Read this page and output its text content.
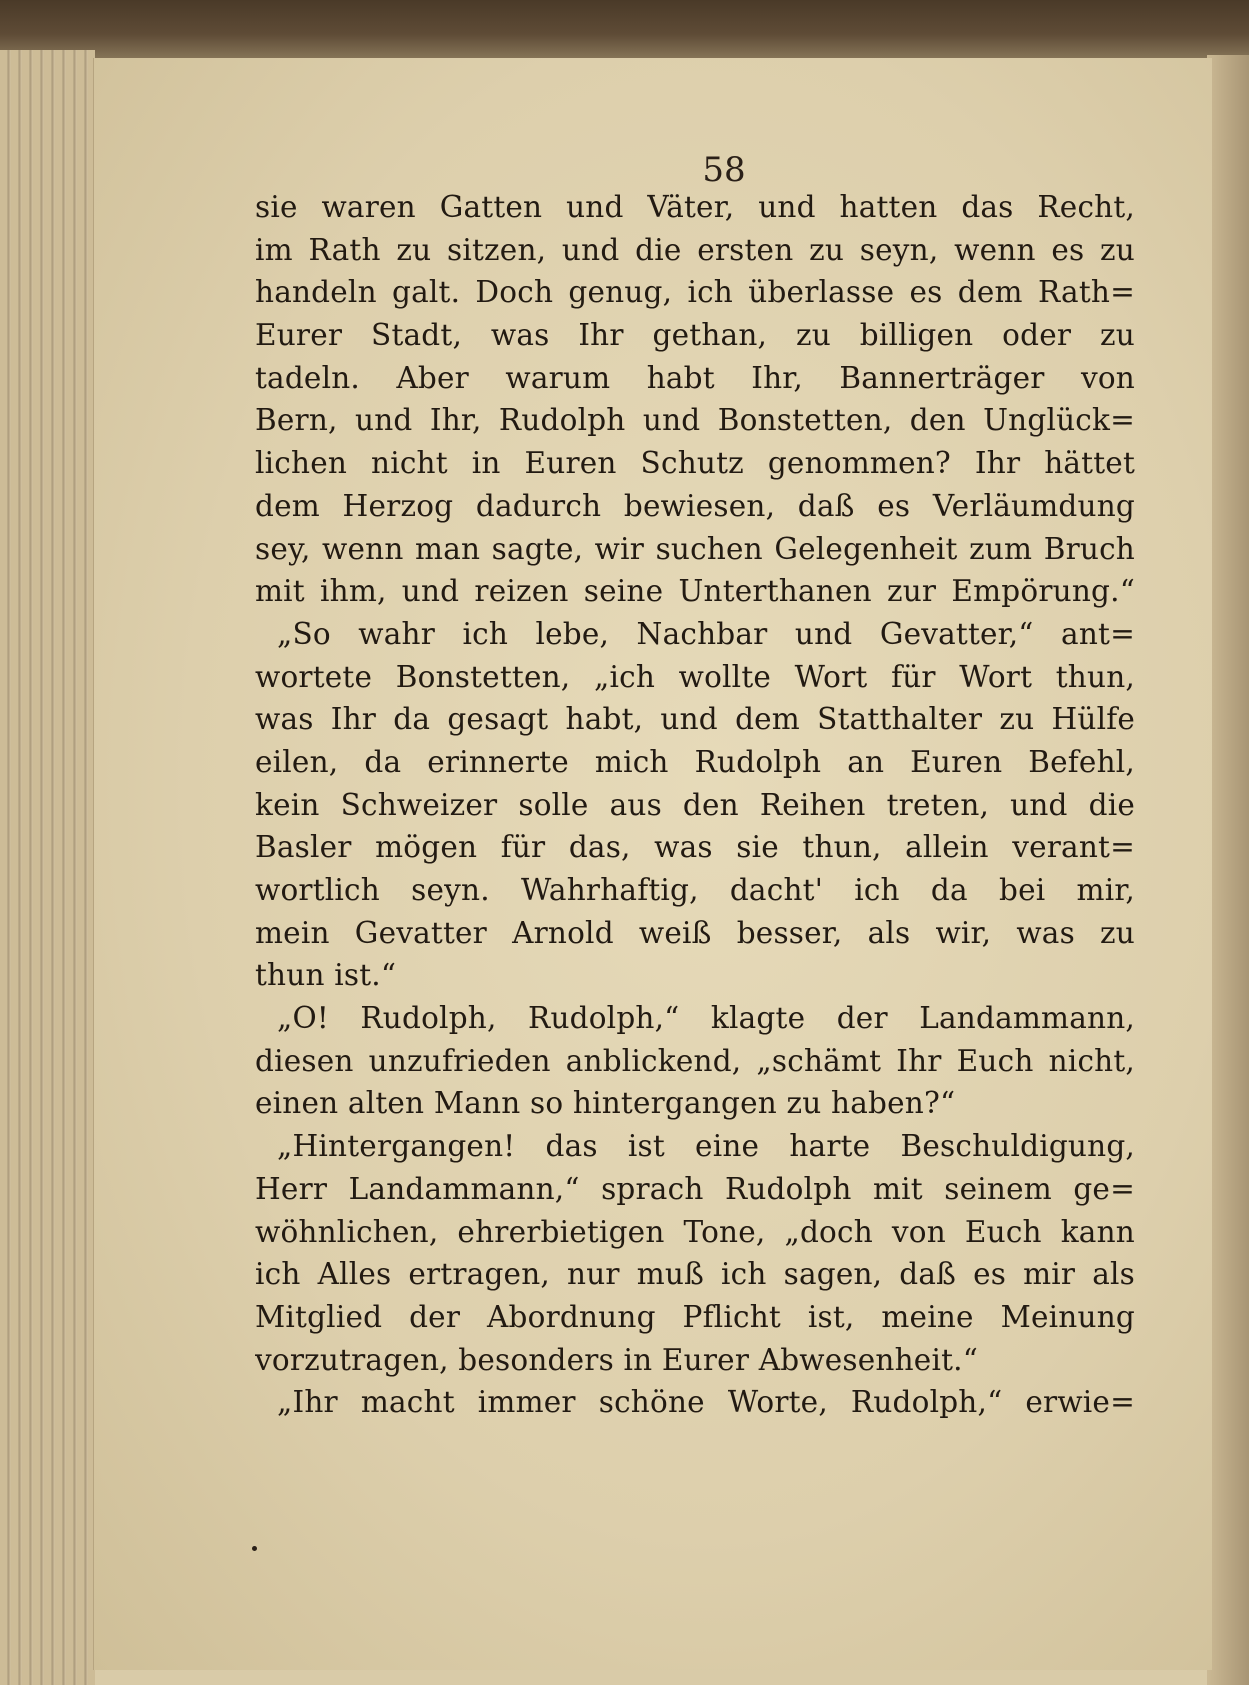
58
sie waren Gatten und Väter, und hatten das Recht,
im Rath zu sitzen, und die ersten zu seyn, wenn es zu
handeln galt. Doch genug, ich überlasse es dem Rath=
Eurer Stadt, was Ihr gethan, zu billigen oder zu
tadeln. Aber warum habt Ihr, Bannerträger von
Bern, und Ihr, Rudolph und Bonstetten, den Unglück=
lichen nicht in Euren Schutz genommen? Ihr hättet
dem Herzog dadurch bewiesen, daß es Verläumdung
sey, wenn man sagte, wir suchen Gelegenheit zum Bruch
mit ihm, und reizen seine Unterthanen zur Empörung.“
„So wahr ich lebe, Nachbar und Gevatter,“ ant=
wortete Bonstetten, „ich wollte Wort für Wort thun,
was Ihr da gesagt habt, und dem Statthalter zu Hülfe
eilen, da erinnerte mich Rudolph an Euren Befehl,
kein Schweizer solle aus den Reihen treten, und die
Basler mögen für das, was sie thun, allein verant=
wortlich seyn. Wahrhaftig, dacht' ich da bei mir,
mein Gevatter Arnold weiß besser, als wir, was zu
thun ist.“
„O! Rudolph, Rudolph,“ klagte der Landammann,
diesen unzufrieden anblickend, „schämt Ihr Euch nicht,
einen alten Mann so hintergangen zu haben?“
„Hintergangen! das ist eine harte Beschuldigung,
Herr Landammann,“ sprach Rudolph mit seinem ge=
wöhnlichen, ehrerbietigen Tone, „doch von Euch kann
ich Alles ertragen, nur muß ich sagen, daß es mir als
Mitglied der Abordnung Pflicht ist, meine Meinung
vorzutragen, besonders in Eurer Abwesenheit.“
„Ihr macht immer schöne Worte, Rudolph,“ erwie=
